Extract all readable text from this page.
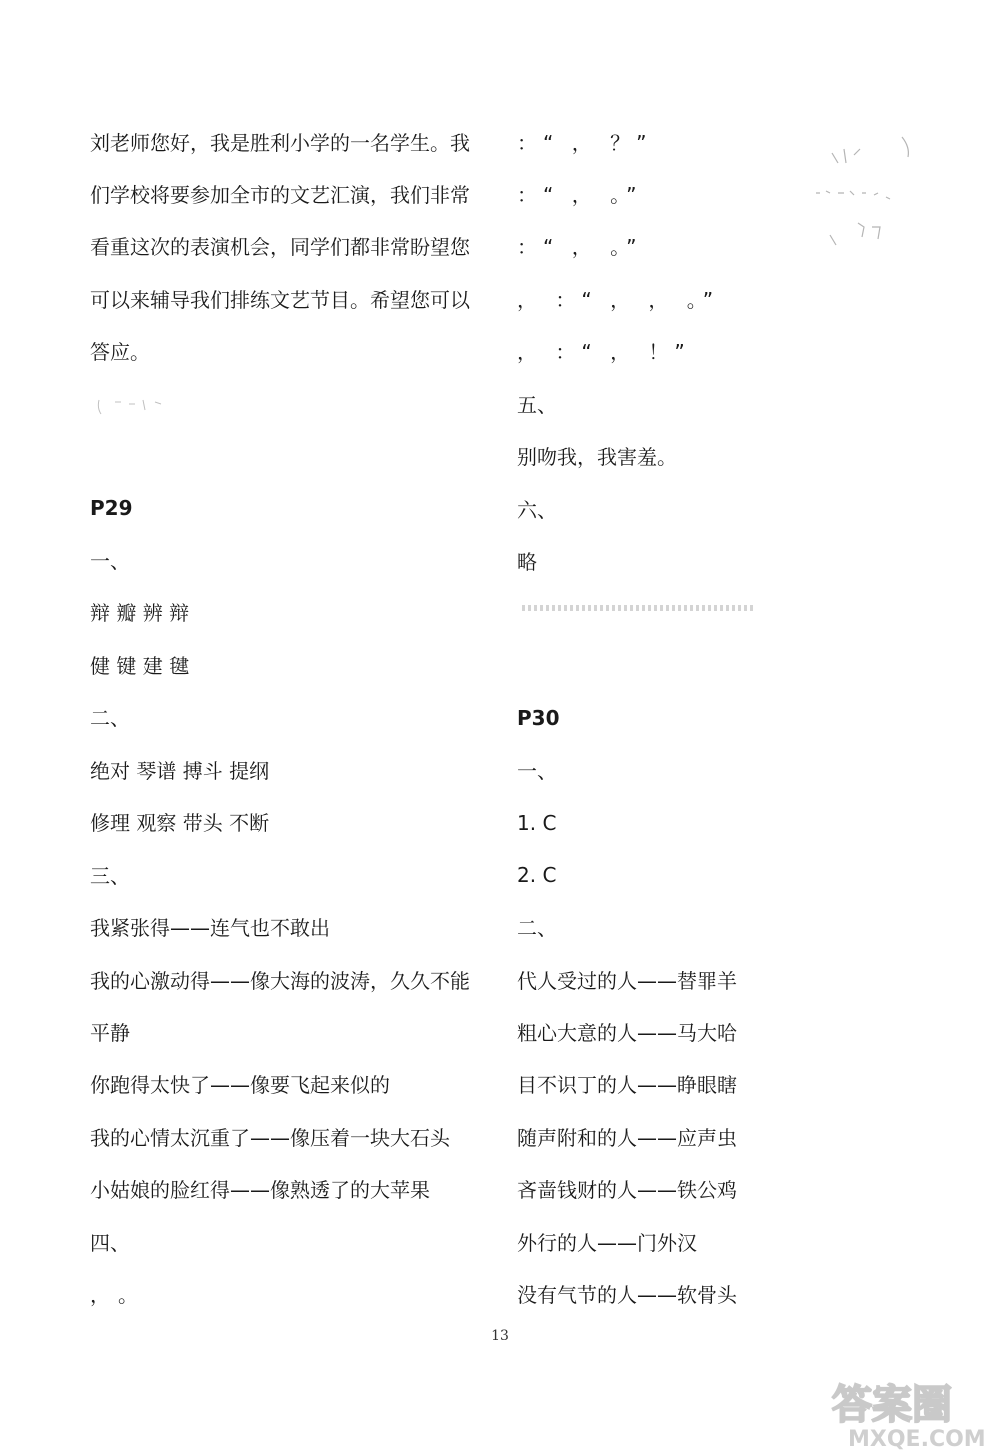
刘老师您好，我是胜利小学的一名学生。我
们学校将要参加全市的文艺汇演，我们非常
看重这次的表演机会，同学们都非常盼望您
可以来辅导我们排练文艺节目。希望您可以
答应。
P29
一、
辩 瓣 辨 辩
健 键 建 毽
二、
绝对 琴谱 搏斗 提纲
修理 观察 带头 不断
三、
我紧张得——连气也不敢出
我的心激动得——像大海的波涛，久久不能
平静
你跑得太快了——像要飞起来似的
我的心情太沉重了——像压着一块大石头
小姑娘的脸红得——像熟透了的大苹果
四、
，。
：“ ， ？”
：“ ， 。”
：“ ， 。”
， ：“ ， ， 。”
， ：“ ， ！”
五、
别吻我，我害羞。
六、
略
P30
一、
1. C
2. C
二、
代人受过的人——替罪羊
粗心大意的人——马大哈
目不识丁的人——睁眼瞎
随声附和的人——应声虫
吝啬钱财的人——铁公鸡
外行的人——门外汉
没有气节的人——软骨头
13
答案圈
MXQE.COM
